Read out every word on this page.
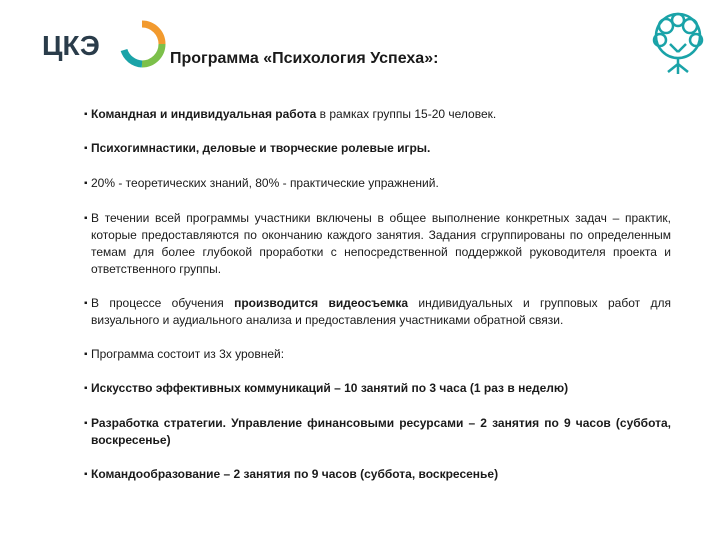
ЦКЭ	Программа «Психология Успеха»:
▪ Командная и индивидуальная работа в рамках группы 15-20 человек.
▪ Психогимнастики, деловые и творческие ролевые игры.
▪ 20% - теоретических знаний, 80% - практические упражнений.
▪ В течении всей программы участники включены в общее выполнение конкретных задач – практик, которые предоставляются по окончанию каждого занятия. Задания сгруппированы по определенным темам для более глубокой проработки с непосредственной поддержкой руководителя проекта и ответственного группы.
▪ В процессе обучения производится видеосъемка индивидуальных и групповых работ для визуального и аудиального анализа и предоставления участниками обратной связи.
▪ Программа состоит из 3х уровней:
▪ Искусство эффективных коммуникаций – 10 занятий по 3 часа (1 раз в неделю)
▪ Разработка стратегии. Управление финансовыми ресурсами – 2 занятия по 9 часов (суббота, воскресенье)
▪ Командообразование – 2 занятия по 9 часов (суббота, воскресенье)
